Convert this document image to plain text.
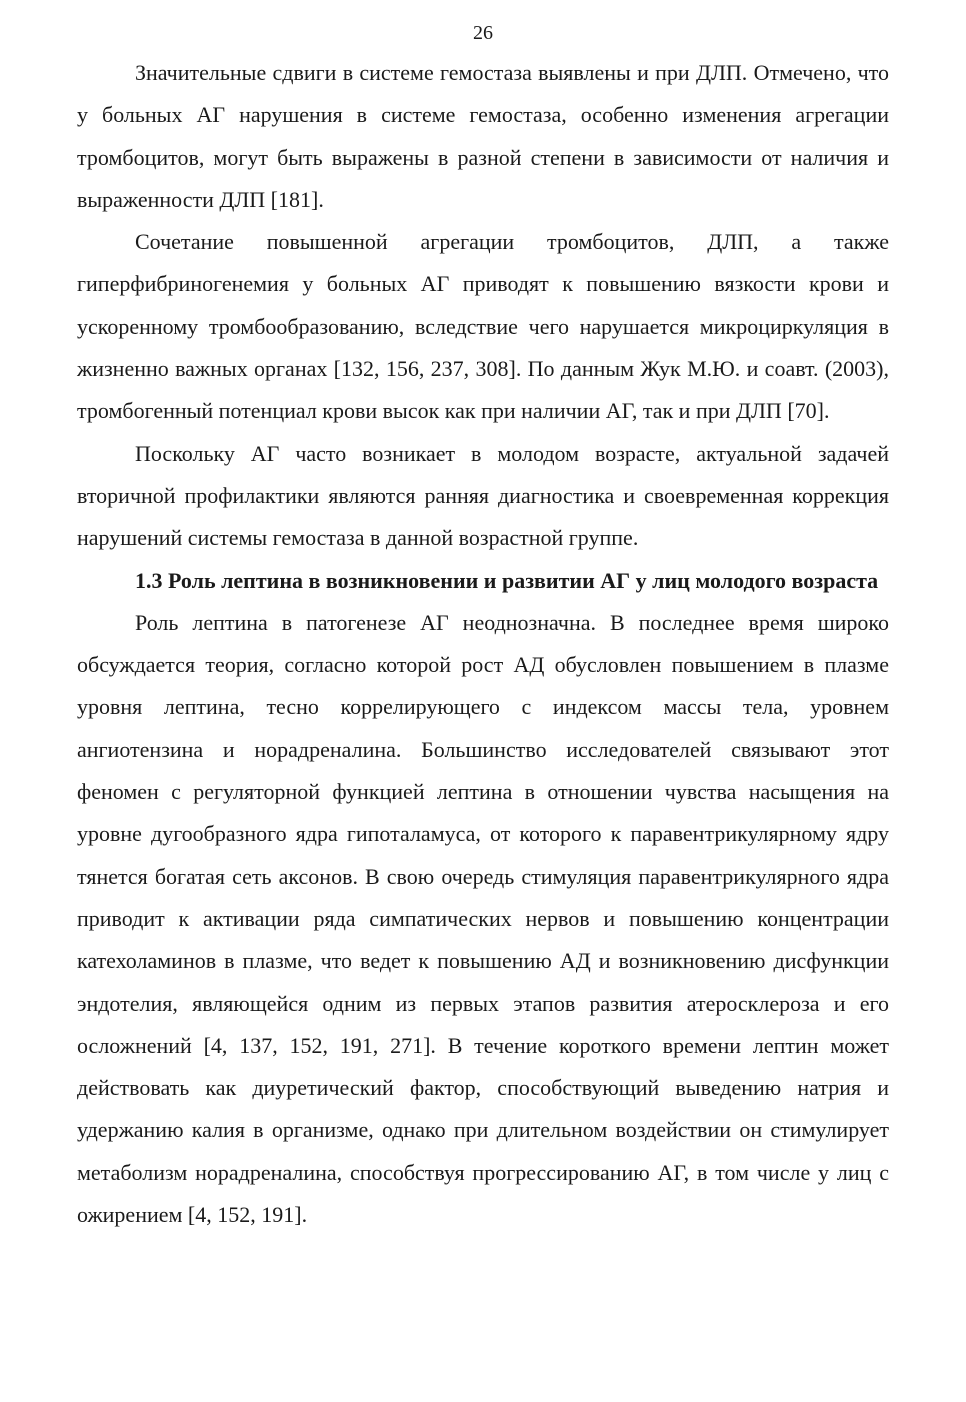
26

Значительные сдвиги в системе гемостаза выявлены и при ДЛП. Отмечено, что у больных АГ нарушения в системе гемостаза, особенно изменения агрегации тромбоцитов, могут быть выражены в разной степени в зависимости от наличия и выраженности ДЛП [181].

Сочетание повышенной агрегации тромбоцитов, ДЛП, а также гиперфибриногенемия у больных АГ приводят к повышению вязкости крови и ускоренному тромбообразованию, вследствие чего нарушается микроциркуляция в жизненно важных органах [132, 156, 237, 308]. По данным Жук М.Ю. и соавт. (2003), тромбогенный потенциал крови высок как при наличии АГ, так и при ДЛП [70].

Поскольку АГ часто возникает в молодом возрасте, актуальной задачей вторичной профилактики являются ранняя диагностика и своевременная коррекция нарушений системы гемостаза в данной возрастной группе.

1.3 Роль лептина в возникновении и развитии АГ у лиц молодого возраста

Роль лептина в патогенезе АГ неоднозначна. В последнее время широко обсуждается теория, согласно которой рост АД обусловлен повышением в плазме уровня лептина, тесно коррелирующего с индексом массы тела, уровнем ангиотензина и норадреналина. Большинство исследователей связывают этот феномен с регуляторной функцией лептина в отношении чувства насыщения на уровне дугообразного ядра гипоталамуса, от которого к паравентрикулярному ядру тянется богатая сеть аксонов. В свою очередь стимуляция паравентрикулярного ядра приводит к активации ряда симпатических нервов и повышению концентрации катехоламинов в плазме, что ведет к повышению АД и возникновению дисфункции эндотелия, являющейся одним из первых этапов развития атеросклероза и его осложнений [4, 137, 152, 191, 271]. В течение короткого времени лептин может действовать как диуретический фактор, способствующий выведению натрия и удержанию калия в организме, однако при длительном воздействии он стимулирует метаболизм норадреналина, способствуя прогрессированию АГ, в том числе у лиц с ожирением [4, 152, 191].
